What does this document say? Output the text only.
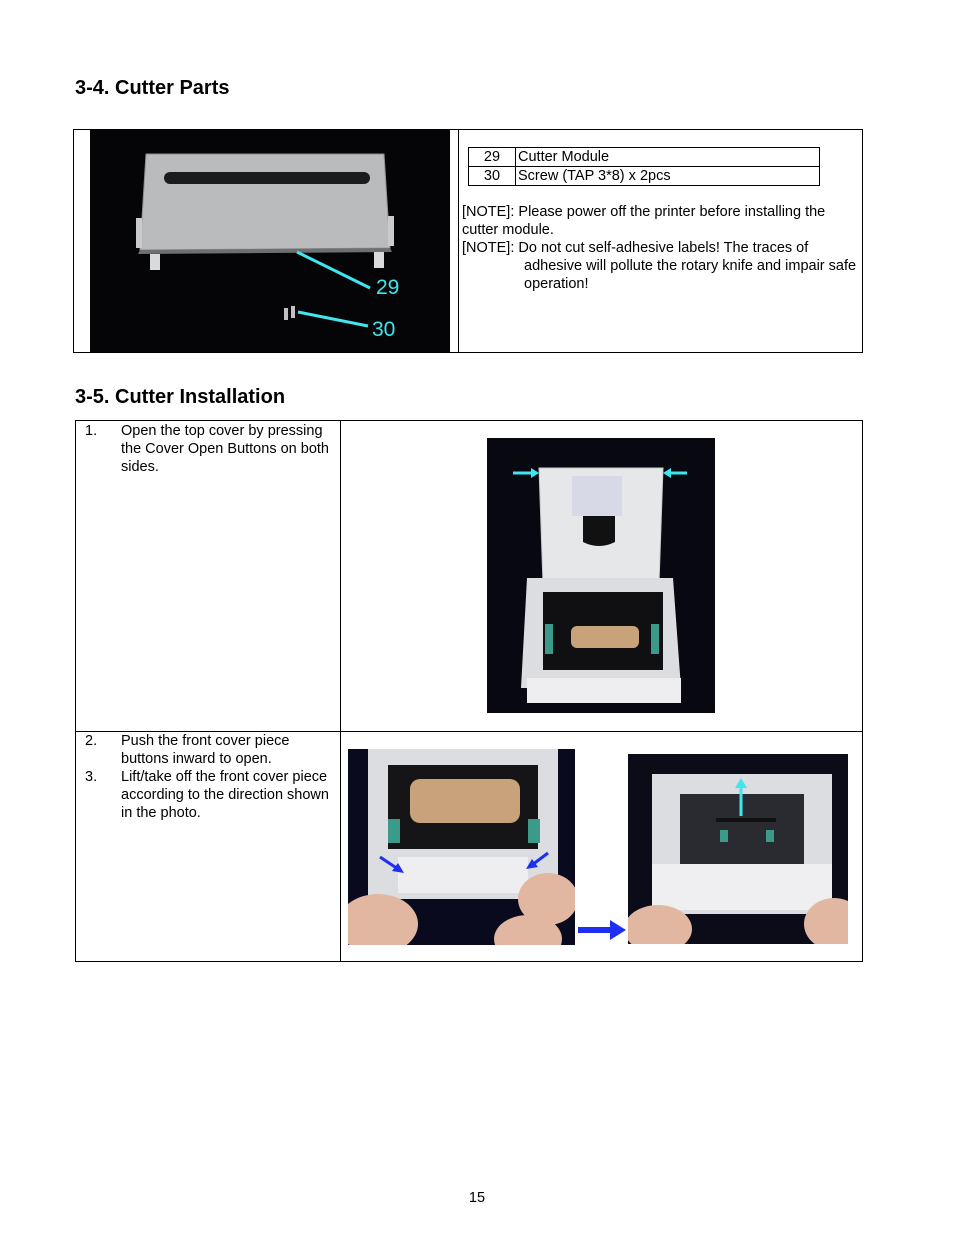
3-4. Cutter Parts
29
30
29	Cutter Module
30	Screw (TAP 3*8) x 2pcs

[NOTE]: Please power off the printer before installing the cutter module.

[NOTE]: Do not cut self-adhesive labels! The traces of
adhesive will pollute the rotary knife and impair safe operation!

3-5. Cutter Installation
1. Open the top cover by pressing the Cover Open Buttons on both sides.
2. Push the front cover piece buttons inward to open.
3. Lift/take off the front cover piece according to the direction shown in the photo.
15
